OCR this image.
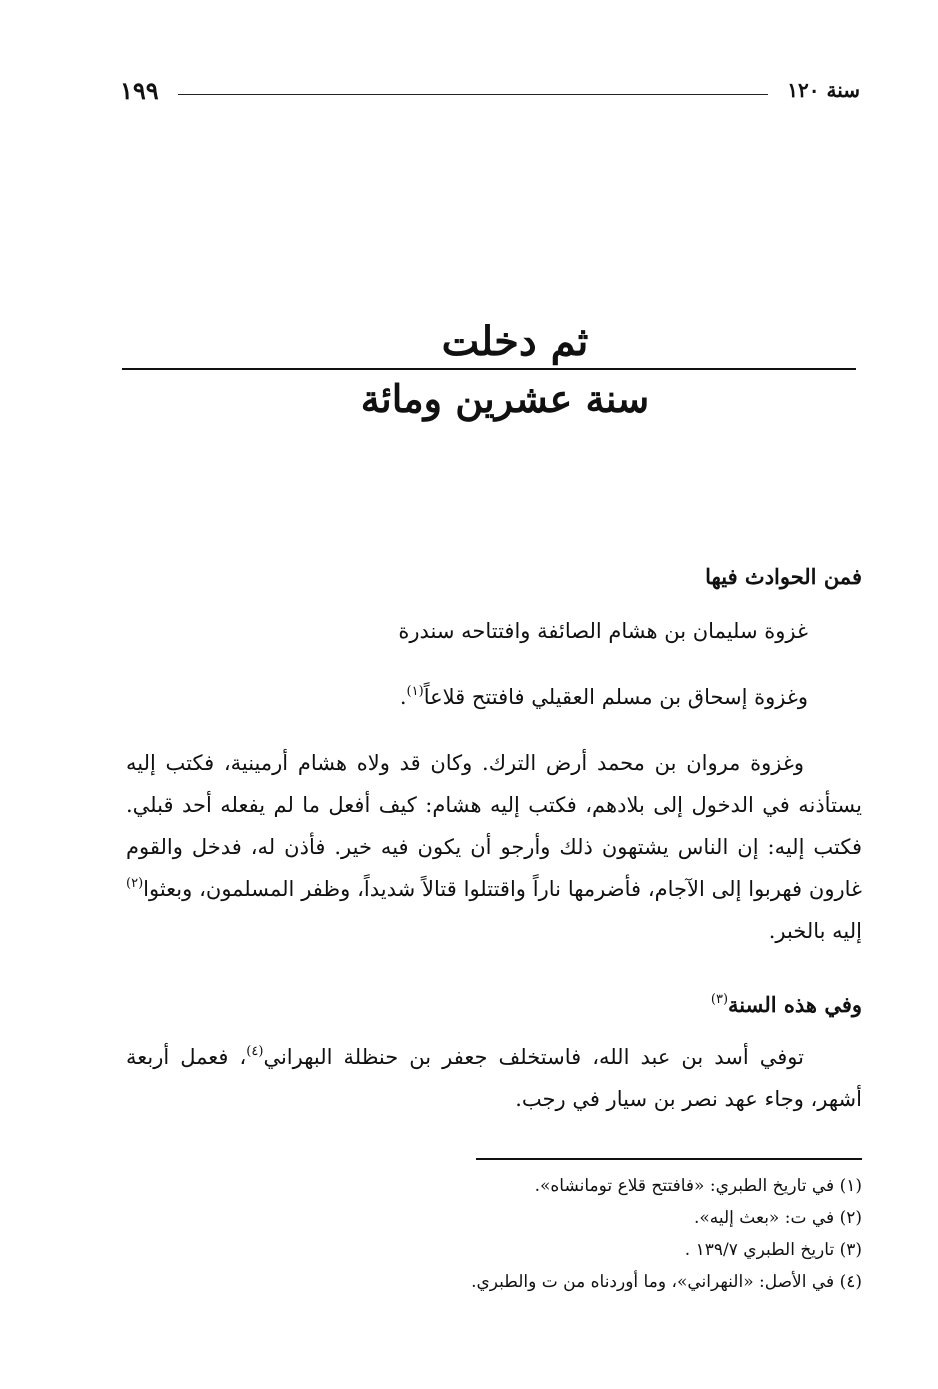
١٩٩	سنة ١٢٠
ثم دخلت
سنة عشرين ومائة
فمن الحوادث فيها
غزوة سليمان بن هشام الصائفة وافتتاحه سندرة
وغزوة إسحاق بن مسلم العقيلي فافتتح قلاعاً$^{(١)}$.
وغزوة مروان بن محمد أرض الترك. وكان قد ولاه هشام أرمينية، فكتب إليه يستأذنه في الدخول إلى بلادهم، فكتب إليه هشام: كيف أفعل ما لم يفعله أحد قبلي. فكتب إليه: إن الناس يشتهون ذلك وأرجو أن يكون فيه خير. فأذن له، فدخل والقوم غارون فهربوا إلى الآجام، فأضرمها ناراً واقتتلوا قتالاً شديداً، وظفر المسلمون، وبعثوا$^{(٢)}$ إليه بالخبر.
وفي هذه السنة$^{(٣)}$
توفي أسد بن عبد الله، فاستخلف جعفر بن حنظلة البهراني$^{(٤)}$، فعمل أربعة أشهر، وجاء عهد نصر بن سيار في رجب.
(١) في تاريخ الطبري: «فافتتح قلاع تومانشاه».
(٢) في ت: «بعث إليه».
(٣) تاريخ الطبري ١٣٩/٧ .
(٤) في الأصل: «النهراني»، وما أوردناه من ت والطبري.
